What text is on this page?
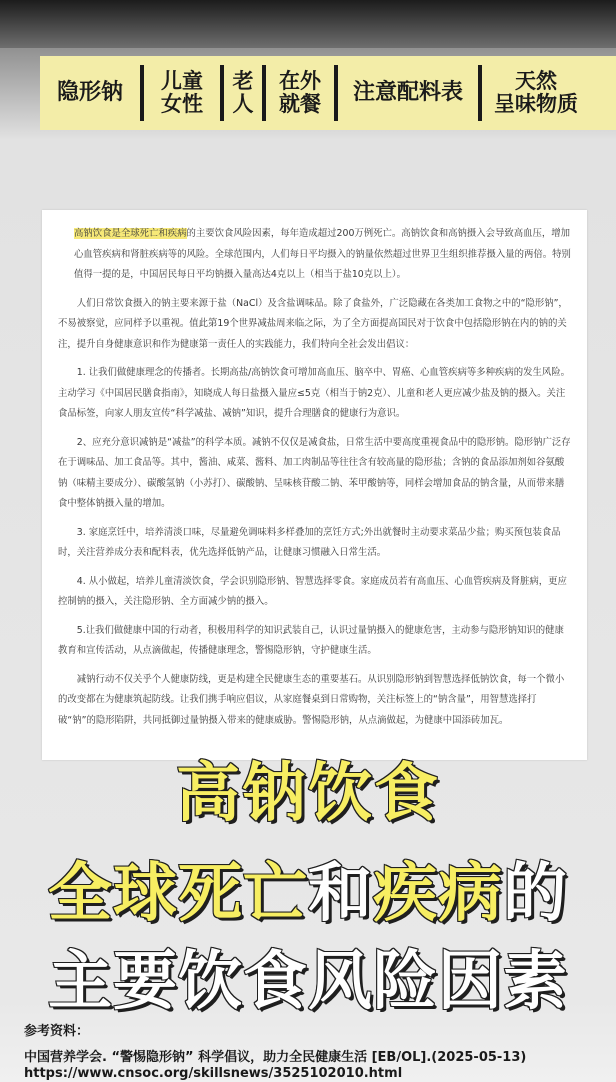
隐形钠 儿童
女性
老
人
在外
就餐 注意配料表	天然
呈味物质

高钠饮食是全球死亡和疾病的主要饮食风险因素，每年造成超过200万例死亡。高钠饮食和高钠摄入会导致高血压，增加心血管疾病和肾脏疾病等的风险。全球范围内，人们每日平均摄入的钠量依然超过世界卫生组织推荐摄入量的两倍。特别值得一提的是，中国居民每日平均钠摄入量高达4克以上（相当于盐10克以上）。

人们日常饮食摄入的钠主要来源于盐（NaCl）及含盐调味品。除了食盐外，广泛隐藏在各类加工食物之中的“隐形钠”，不易被察觉，应同样予以重视。值此第19个世界减盐周来临之际，为了全方面提高国民对于饮食中包括隐形钠在内的钠的关注，提升自身健康意识和作为健康第一责任人的实践能力，我们特向全社会发出倡议：

1. 让我们做健康理念的传播者。长期高盐/高钠饮食可增加高血压、脑卒中、胃癌、心血管疾病等多种疾病的发生风险。主动学习《中国居民膳食指南》，知晓成人每日盐摄入量应≤5克（相当于钠2克）、儿童和老人更应减少盐及钠的摄入。关注食品标签，向家人朋友宣传“科学减盐、减钠”知识，提升合理膳食的健康行为意识。

2、应充分意识减钠是“减盐”的科学本质。减钠不仅仅是减食盐，日常生活中要高度重视食品中的隐形钠。隐形钠广泛存在于调味品、加工食品等。其中，酱油、咸菜、酱料、加工肉制品等往往含有较高量的隐形盐；含钠的食品添加剂如谷氨酸钠（味精主要成分）、碳酸氢钠（小苏打）、碳酸钠、呈味核苷酸二钠、苯甲酸钠等，同样会增加食品的钠含量，从而带来膳食中整体钠摄入量的增加。

3. 家庭烹饪中，培养清淡口味，尽量避免调味料多样叠加的烹饪方式;外出就餐时主动要求菜品少盐；购买预包装食品时，关注营养成分表和配料表，优先选择低钠产品，让健康习惯融入日常生活。

4. 从小做起，培养儿童清淡饮食，学会识别隐形钠、智慧选择零食。家庭成员若有高血压、心血管疾病及肾脏病，更应控制钠的摄入，关注隐形钠、全方面减少钠的摄入。

5.让我们做健康中国的行动者，积极用科学的知识武装自己，认识过量钠摄入的健康危害，主动参与隐形钠知识的健康教育和宣传活动，从点滴做起，传播健康理念，警惕隐形钠，守护健康生活。

减钠行动不仅关乎个人健康防线，更是构建全民健康生态的重要基石。从识别隐形钠到智慧选择低钠饮食，每一个微小的改变都在为健康筑起防线。让我们携手响应倡议，从家庭餐桌到日常购物，关注标签上的“钠含量”，用智慧选择打破“钠”的隐形陷阱，共同抵御过量钠摄入带来的健康威胁。警惕隐形钠，从点滴做起，为健康中国添砖加瓦。

高钠饮食
全球死亡和疾病的
主要饮食风险因素
参考资料：
中国营养学会. “警惕隐形钠” 科学倡议，助力全民健康生活 [EB/OL].(2025-05-13)
https://www.cnsoc.org/skillsnews/3525102010.html
